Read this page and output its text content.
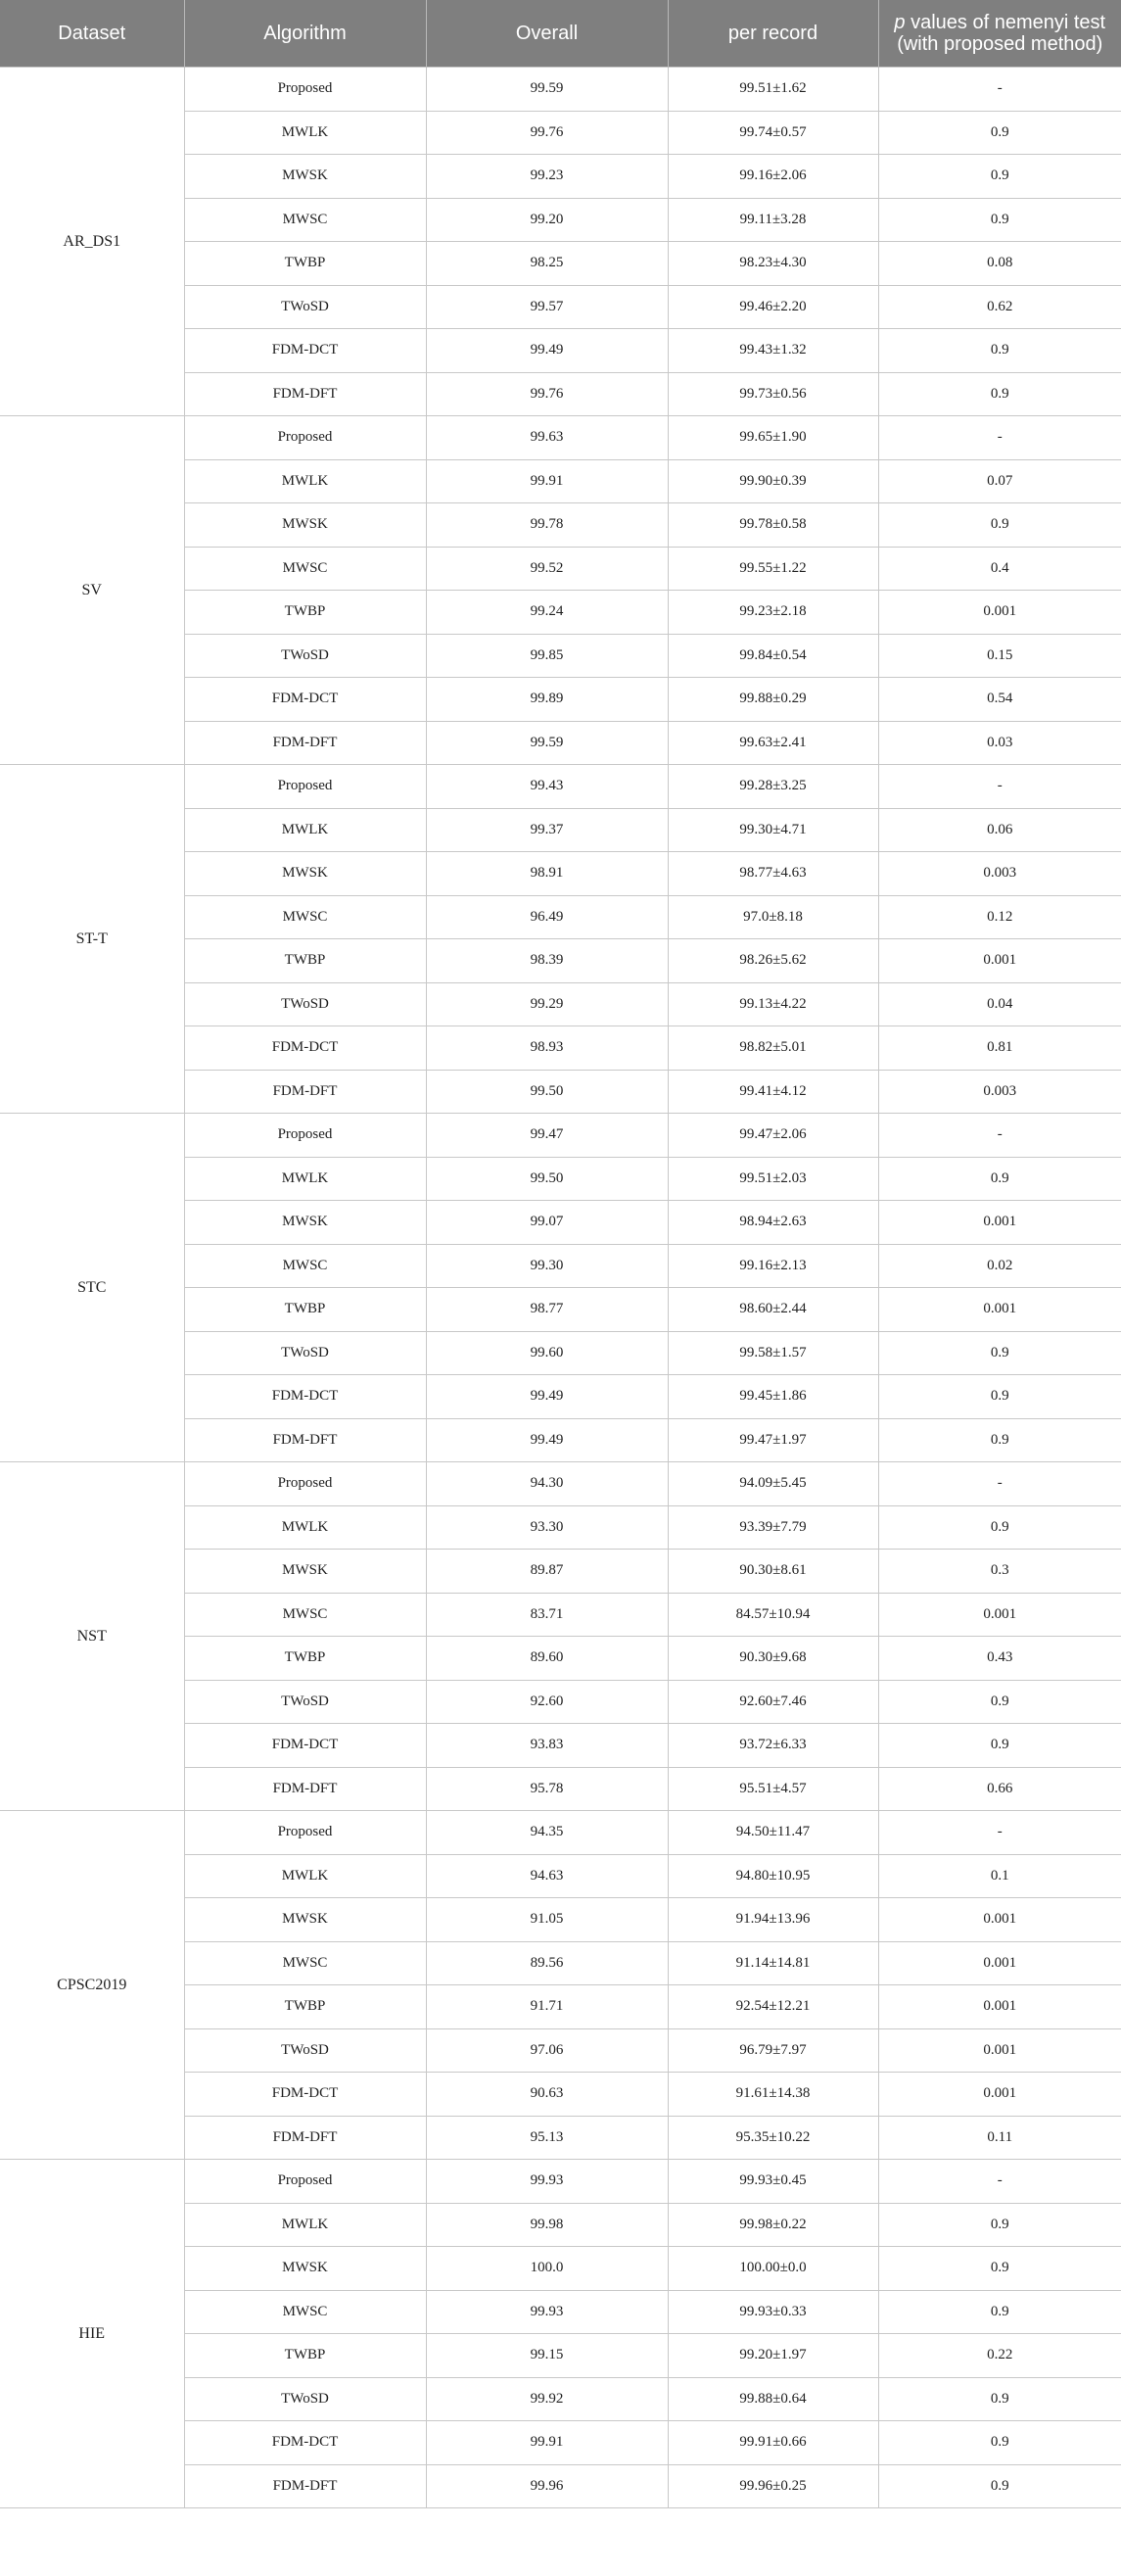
Dataset	Algorithm	Overall	per record	p values of nemenyi test
(with proposed method)
AR_DS1	Proposed	99.59	99.51±1.62	-
	MWLK	99.76	99.74±0.57	0.9
	MWSK	99.23	99.16±2.06	0.9
	MWSC	99.20	99.11±3.28	0.9
	TWBP	98.25	98.23±4.30	0.08
	TWoSD	99.57	99.46±2.20	0.62
	FDM-DCT	99.49	99.43±1.32	0.9
	FDM-DFT	99.76	99.73±0.56	0.9
SV	Proposed	99.63	99.65±1.90	-
	MWLK	99.91	99.90±0.39	0.07
	MWSK	99.78	99.78±0.58	0.9
	MWSC	99.52	99.55±1.22	0.4
	TWBP	99.24	99.23±2.18	0.001
	TWoSD	99.85	99.84±0.54	0.15
	FDM-DCT	99.89	99.88±0.29	0.54
	FDM-DFT	99.59	99.63±2.41	0.03
ST-T	Proposed	99.43	99.28±3.25	-
	MWLK	99.37	99.30±4.71	0.06
	MWSK	98.91	98.77±4.63	0.003
	MWSC	96.49	97.0±8.18	0.12
	TWBP	98.39	98.26±5.62	0.001
	TWoSD	99.29	99.13±4.22	0.04
	FDM-DCT	98.93	98.82±5.01	0.81
	FDM-DFT	99.50	99.41±4.12	0.003
STC	Proposed	99.47	99.47±2.06	-
	MWLK	99.50	99.51±2.03	0.9
	MWSK	99.07	98.94±2.63	0.001
	MWSC	99.30	99.16±2.13	0.02
	TWBP	98.77	98.60±2.44	0.001
	TWoSD	99.60	99.58±1.57	0.9
	FDM-DCT	99.49	99.45±1.86	0.9
	FDM-DFT	99.49	99.47±1.97	0.9
NST	Proposed	94.30	94.09±5.45	-
	MWLK	93.30	93.39±7.79	0.9
	MWSK	89.87	90.30±8.61	0.3
	MWSC	83.71	84.57±10.94	0.001
	TWBP	89.60	90.30±9.68	0.43
	TWoSD	92.60	92.60±7.46	0.9
	FDM-DCT	93.83	93.72±6.33	0.9
	FDM-DFT	95.78	95.51±4.57	0.66
CPSC2019	Proposed	94.35	94.50±11.47	-
	MWLK	94.63	94.80±10.95	0.1
	MWSK	91.05	91.94±13.96	0.001
	MWSC	89.56	91.14±14.81	0.001
	TWBP	91.71	92.54±12.21	0.001
	TWoSD	97.06	96.79±7.97	0.001
	FDM-DCT	90.63	91.61±14.38	0.001
	FDM-DFT	95.13	95.35±10.22	0.11
HIE	Proposed	99.93	99.93±0.45	-
	MWLK	99.98	99.98±0.22	0.9
	MWSK	100.0	100.00±0.0	0.9
	MWSC	99.93	99.93±0.33	0.9
	TWBP	99.15	99.20±1.97	0.22
	TWoSD	99.92	99.88±0.64	0.9
	FDM-DCT	99.91	99.91±0.66	0.9
	FDM-DFT	99.96	99.96±0.25	0.9
